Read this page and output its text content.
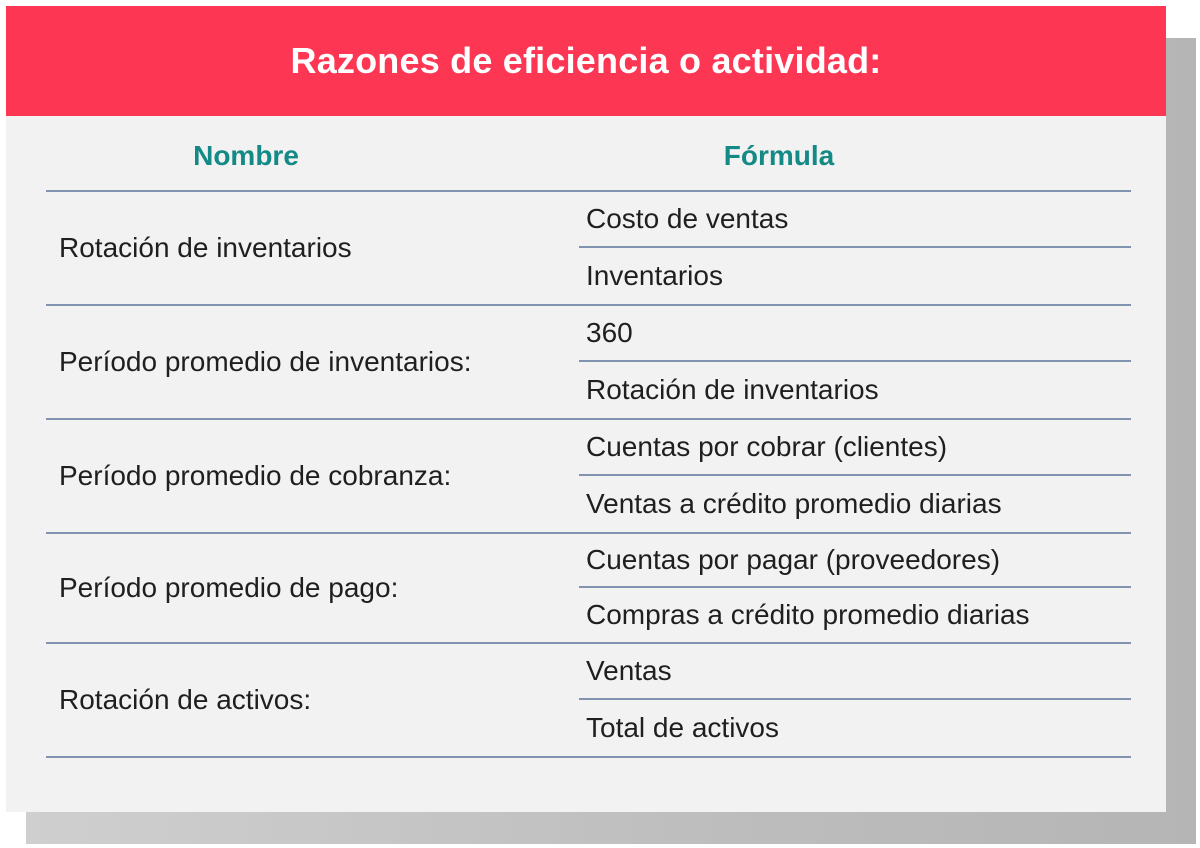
Razones de eficiencia o actividad:
Nombre	Fórmula
Rotación de inventarios
Costo de ventas
Inventarios
Período promedio de inventarios:
360
Rotación de inventarios
Período promedio de cobranza:
Cuentas por cobrar (clientes)
Ventas a crédito promedio diarias
Período promedio de pago:
Cuentas por pagar (proveedores)
Compras a crédito promedio diarias
Rotación de activos:
Ventas
Total de activos
